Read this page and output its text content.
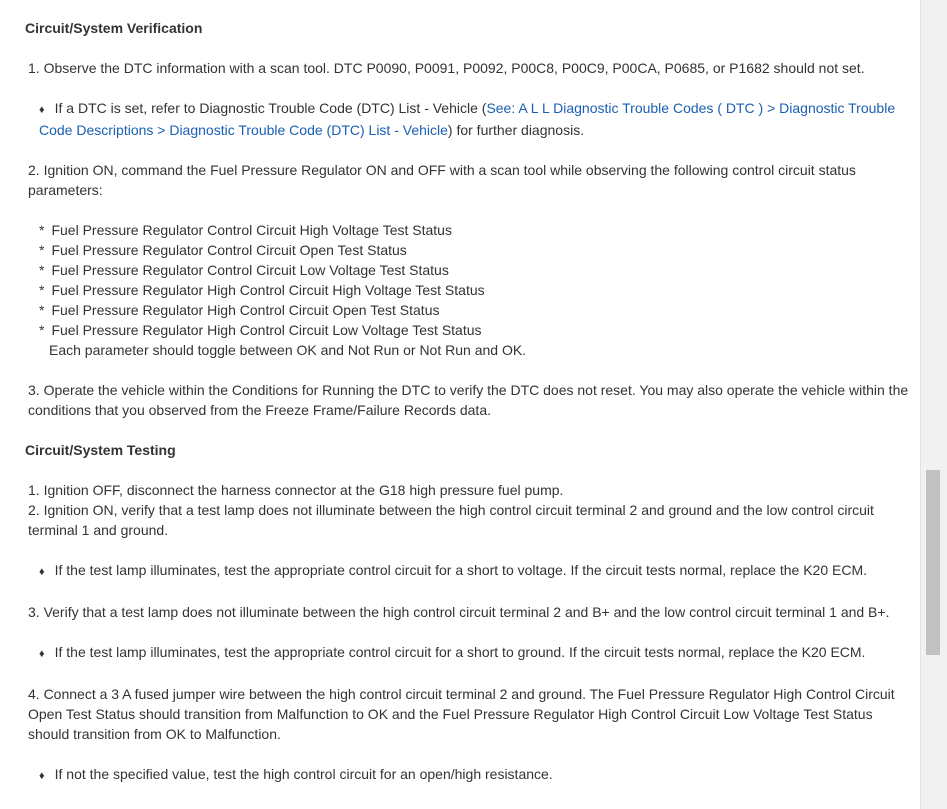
Circuit/System Verification
1. Observe the DTC information with a scan tool. DTC P0090, P0091, P0092, P00C8, P00C9, P00CA, P0685, or P1682 should not set.
♦ If a DTC is set, refer to Diagnostic Trouble Code (DTC) List - Vehicle (See: A L L Diagnostic Trouble Codes ( DTC ) > Diagnostic Trouble Code Descriptions > Diagnostic Trouble Code (DTC) List - Vehicle) for further diagnosis.
2. Ignition ON, command the Fuel Pressure Regulator ON and OFF with a scan tool while observing the following control circuit status parameters:
* Fuel Pressure Regulator Control Circuit High Voltage Test Status
* Fuel Pressure Regulator Control Circuit Open Test Status
* Fuel Pressure Regulator Control Circuit Low Voltage Test Status
* Fuel Pressure Regulator High Control Circuit High Voltage Test Status
* Fuel Pressure Regulator High Control Circuit Open Test Status
* Fuel Pressure Regulator High Control Circuit Low Voltage Test Status
Each parameter should toggle between OK and Not Run or Not Run and OK.
3. Operate the vehicle within the Conditions for Running the DTC to verify the DTC does not reset. You may also operate the vehicle within the conditions that you observed from the Freeze Frame/Failure Records data.
Circuit/System Testing
1. Ignition OFF, disconnect the harness connector at the G18 high pressure fuel pump.
2. Ignition ON, verify that a test lamp does not illuminate between the high control circuit terminal 2 and ground and the low control circuit terminal 1 and ground.
♦ If the test lamp illuminates, test the appropriate control circuit for a short to voltage. If the circuit tests normal, replace the K20 ECM.
3. Verify that a test lamp does not illuminate between the high control circuit terminal 2 and B+ and the low control circuit terminal 1 and B+.
♦ If the test lamp illuminates, test the appropriate control circuit for a short to ground. If the circuit tests normal, replace the K20 ECM.
4. Connect a 3 A fused jumper wire between the high control circuit terminal 2 and ground. The Fuel Pressure Regulator High Control Circuit Open Test Status should transition from Malfunction to OK and the Fuel Pressure Regulator High Control Circuit Low Voltage Test Status should transition from OK to Malfunction.
♦ If not the specified value, test the high control circuit for an open/high resistance.
